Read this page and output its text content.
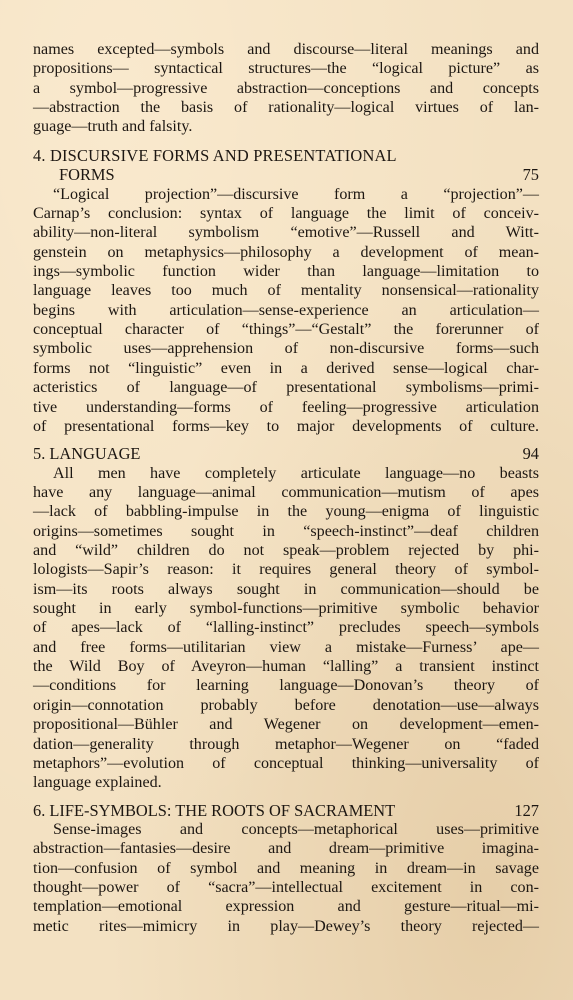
names excepted—symbols and discourse—literal meanings and
propositions— syntactical structures—the “logical picture” as
a symbol—progressive abstraction—conceptions and concepts
—abstraction the basis of rationality—logical virtues of lan-
guage—truth and falsity.
4. DISCURSIVE FORMS AND PRESENTATIONAL
FORMS	75
“Logical projection”—discursive form a “projection”—
Carnap’s conclusion: syntax of language the limit of conceiv-
ability—non-literal symbolism “emotive”—Russell and Witt-
genstein on metaphysics—philosophy a development of mean-
ings—symbolic function wider than language—limitation to
language leaves too much of mentality nonsensical—rationality
begins with articulation—sense-experience an articulation—
conceptual character of “things”—“Gestalt” the forerunner of
symbolic uses—apprehension of non-discursive forms—such
forms not “linguistic” even in a derived sense—logical char-
acteristics of language—of presentational symbolisms—primi-
tive understanding—forms of feeling—progressive articulation
of presentational forms—key to major developments of culture.
5. LANGUAGE	94
All men have completely articulate language—no beasts
have any language—animal communication—mutism of apes
—lack of babbling-impulse in the young—enigma of linguistic
origins—sometimes sought in “speech-instinct”—deaf children
and “wild” children do not speak—problem rejected by phi-
lologists—Sapir’s reason: it requires general theory of symbol-
ism—its roots always sought in communication—should be
sought in early symbol-functions—primitive symbolic behavior
of apes—lack of “lalling-instinct” precludes speech—symbols
and free forms—utilitarian view a mistake—Furness’ ape—
the Wild Boy of Aveyron—human “lalling” a transient instinct
—conditions for learning language—Donovan’s theory of
origin—connotation probably before denotation—use—always
propositional—Bühler and Wegener on development—emen-
dation—generality through metaphor—Wegener on “faded
metaphors”—evolution of conceptual thinking—universality of
language explained.
6. LIFE-SYMBOLS: THE ROOTS OF SACRAMENT	127
Sense-images and concepts—metaphorical uses—primitive
abstraction—fantasies—desire and dream—primitive imagina-
tion—confusion of symbol and meaning in dream—in savage
thought—power of “sacra”—intellectual excitement in con-
templation—emotional expression and gesture—ritual—mi-
metic rites—mimicry in play—Dewey’s theory rejected—
